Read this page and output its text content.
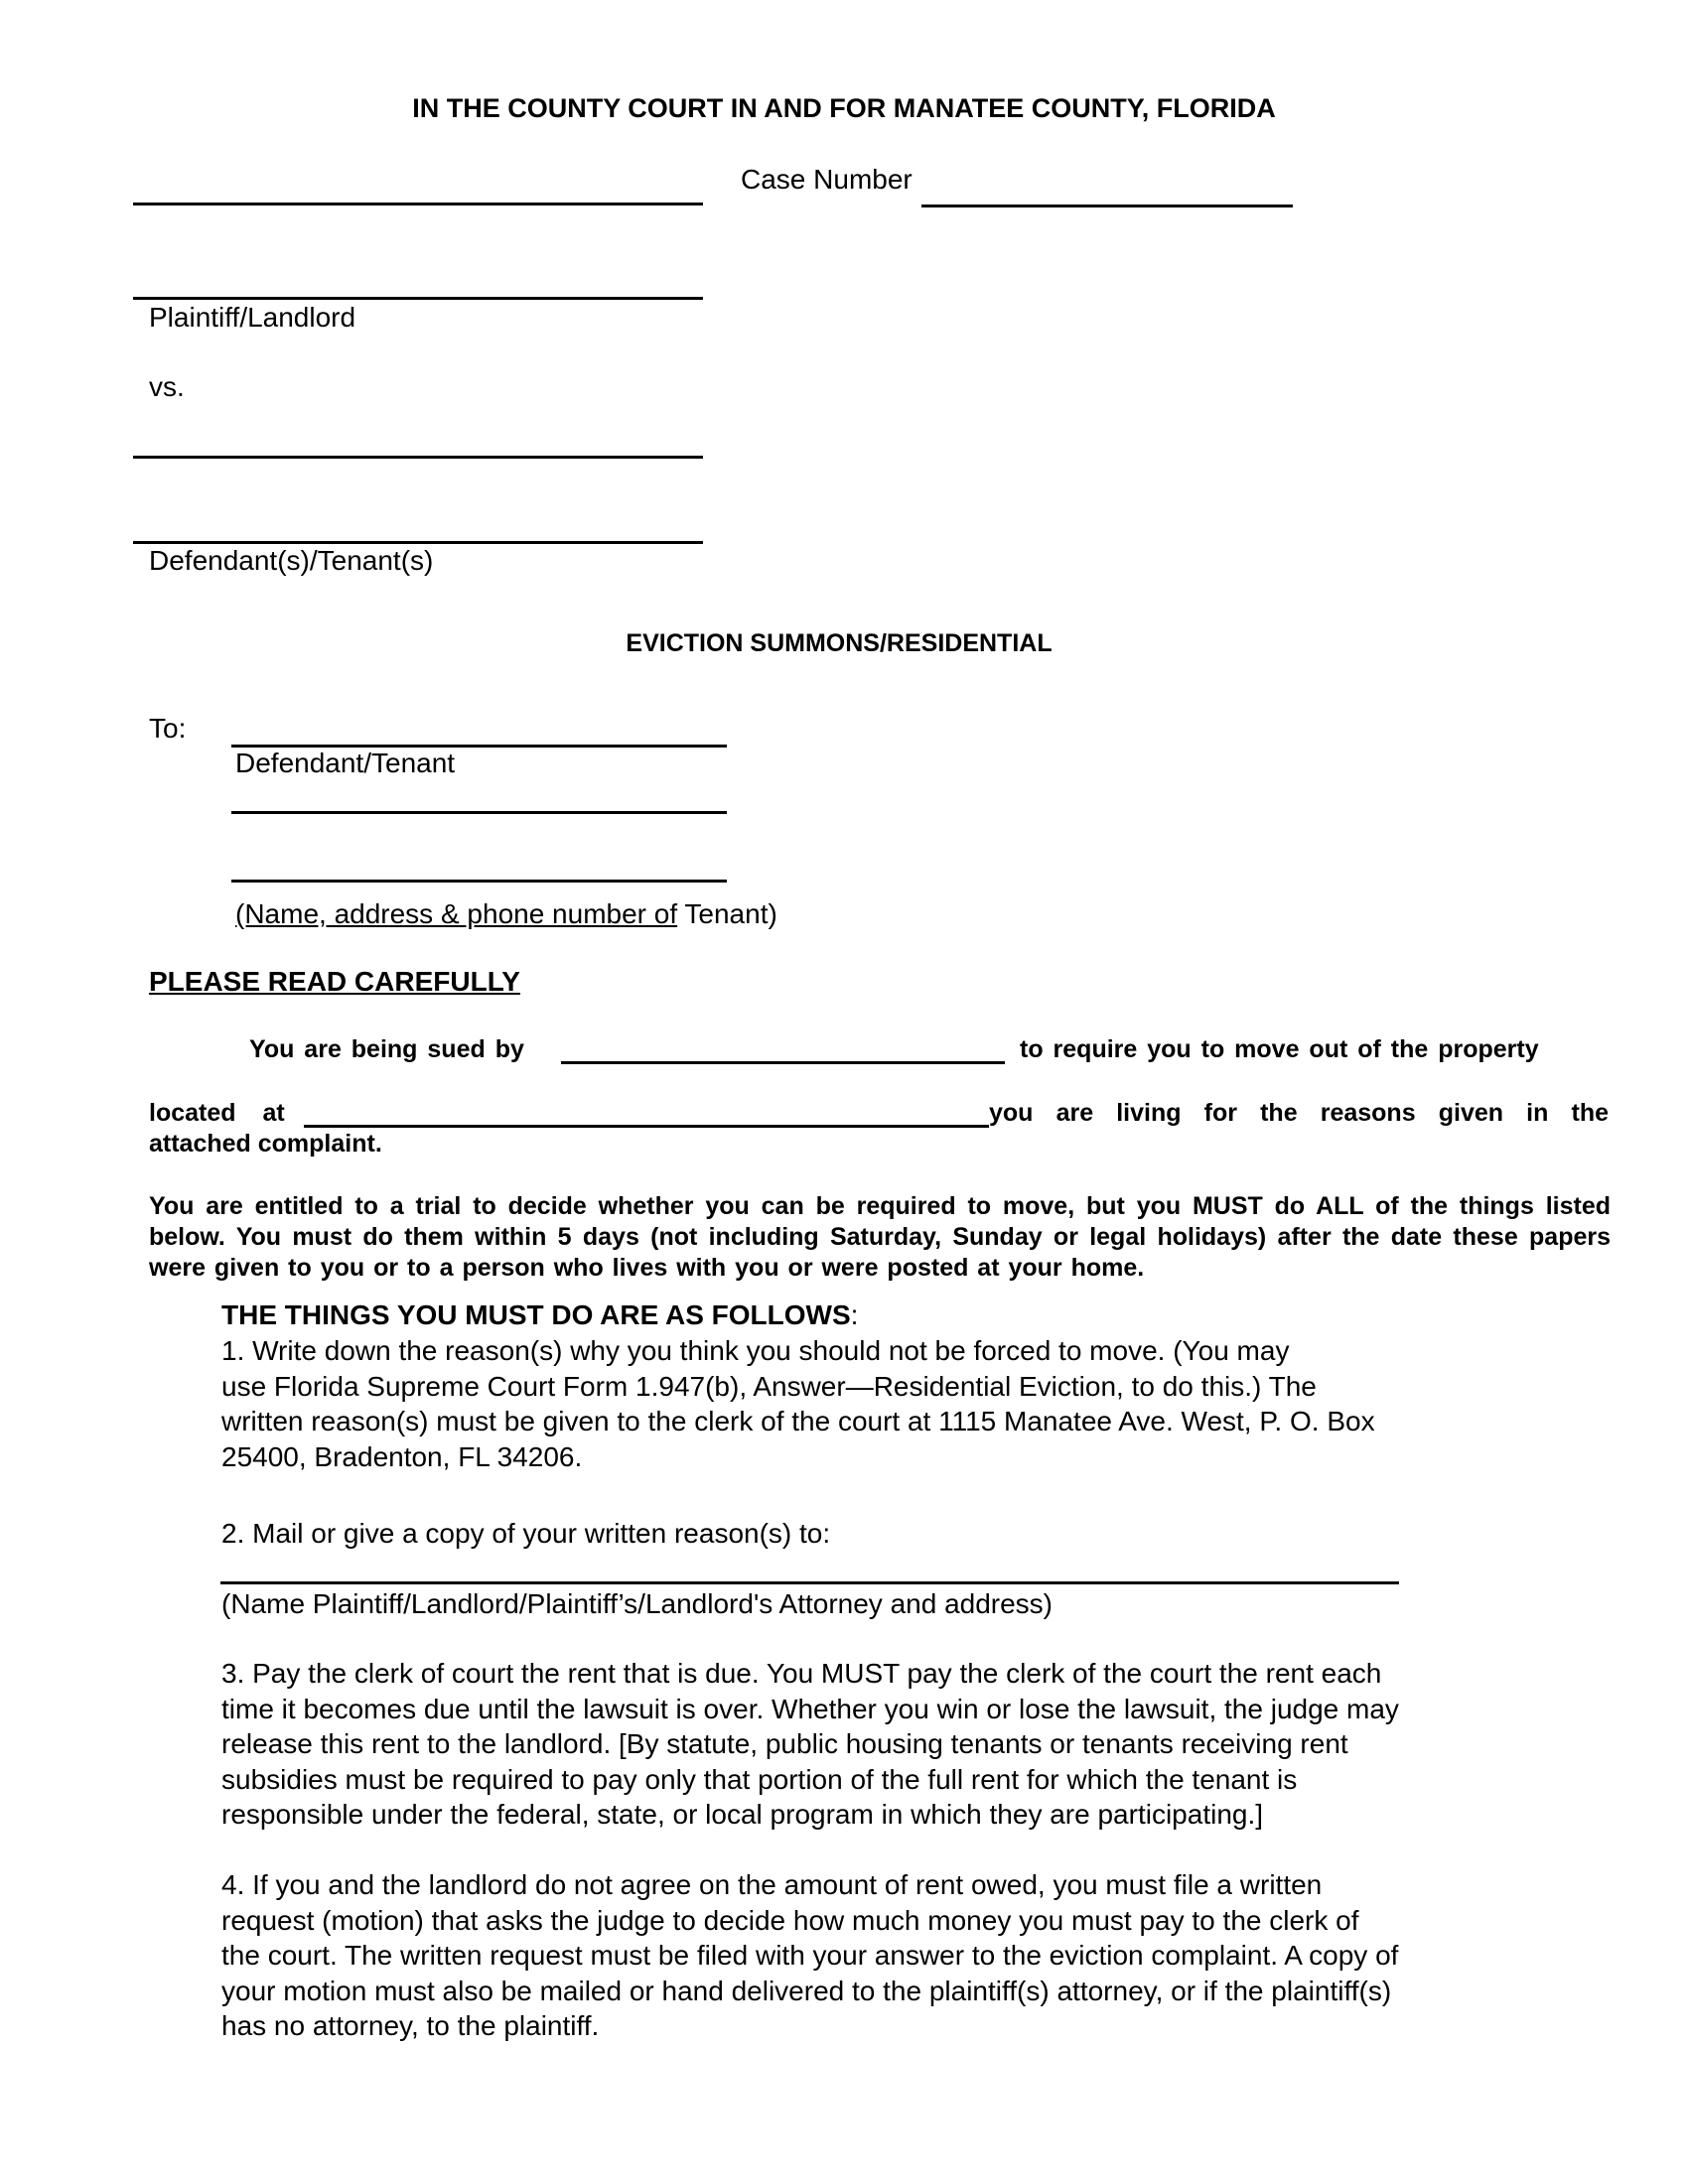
IN THE COUNTY COURT IN AND FOR MANATEE COUNTY, FLORIDA
Case Number
Plaintiff/Landlord
vs.
Defendant(s)/Tenant(s)
EVICTION SUMMONS/RESIDENTIAL
To:
Defendant/Tenant
(Name, address & phone number of Tenant)
PLEASE READ CAREFULLY
You are being sued by	to require you to move out of the property
located at	you are living for the reasons given in the
attached complaint.
You are entitled to a trial to decide whether you can be required to move, but you MUST do ALL of the things listed below. You must do them within 5 days (not including Saturday, Sunday or legal holidays) after the date these papers were given to you or to a person who lives with you or were posted at your home.
THE THINGS YOU MUST DO ARE AS FOLLOWS:
1. Write down the reason(s) why you think you should not be forced to move. (You may
use Florida Supreme Court Form 1.947(b), Answer—Residential Eviction, to do this.) The
written reason(s) must be given to the clerk of the court at 1115 Manatee Ave. West, P. O. Box
25400, Bradenton, FL 34206.
2. Mail or give a copy of your written reason(s) to:
(Name Plaintiff/Landlord/Plaintiff’s/Landlord's Attorney and address)
3. Pay the clerk of court the rent that is due. You MUST pay the clerk of the court the rent each
time it becomes due until the lawsuit is over. Whether you win or lose the lawsuit, the judge may
release this rent to the landlord. [By statute, public housing tenants or tenants receiving rent
subsidies must be required to pay only that portion of the full rent for which the tenant is
responsible under the federal, state, or local program in which they are participating.]
4. If you and the landlord do not agree on the amount of rent owed, you must file a written
request (motion) that asks the judge to decide how much money you must pay to the clerk of
the court. The written request must be filed with your answer to the eviction complaint. A copy of
your motion must also be mailed or hand delivered to the plaintiff(s) attorney, or if the plaintiff(s)
has no attorney, to the plaintiff.
